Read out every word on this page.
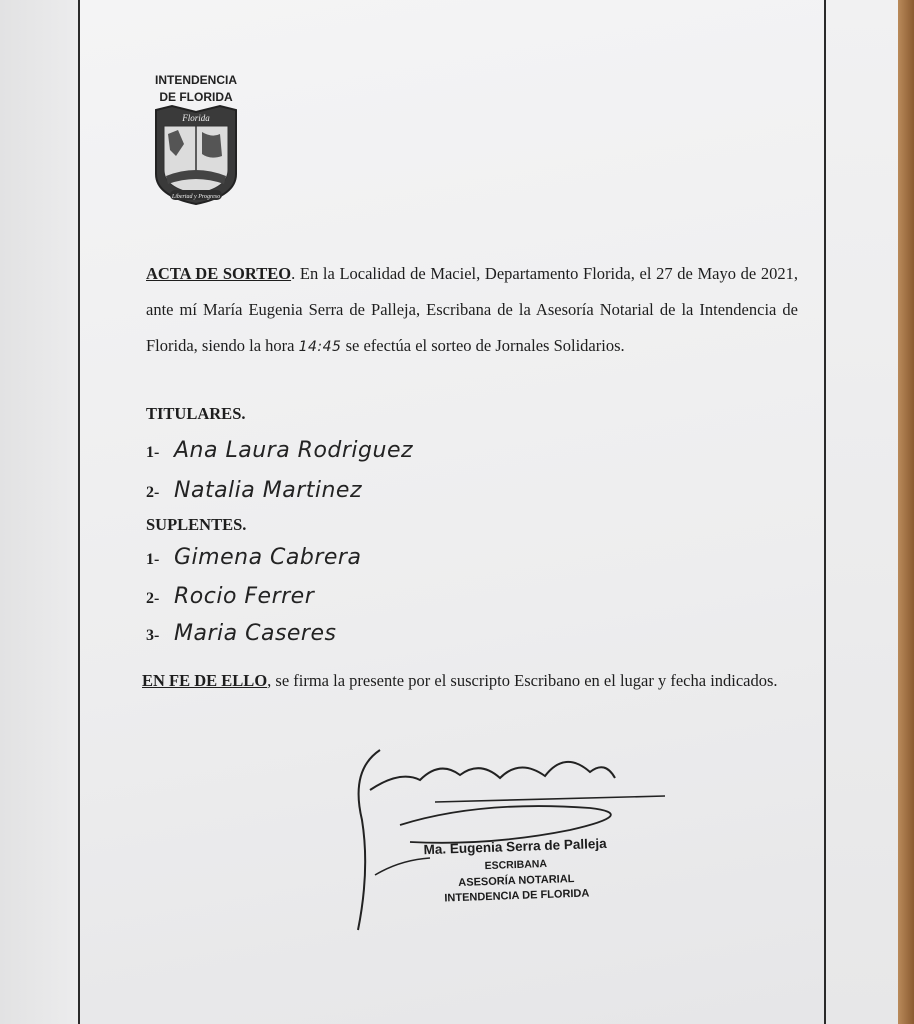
INTENDENCIA
DE FLORIDA
Florida
Libertad y Progreso
ACTA DE SORTEO. En la Localidad de Maciel, Departamento Florida, el 27 de Mayo de 2021, ante mí María Eugenia Serra de Palleja, Escribana de la Asesoría Notarial de la Intendencia de Florida, siendo la hora 14:45 se efectúa el sorteo de Jornales Solidarios.
TITULARES.
1- Ana Laura Rodriguez
2- Natalia Martinez
SUPLENTES.
1- Gimena Cabrera
2- Rocio Ferrer
3- Maria Caseres
EN FE DE ELLO, se firma la presente por el suscripto Escribano en el lugar y fecha indicados.
Ma Serra de Palleja
Ma. Eugenia Serra de Palleja
ESCRIBANA
ASESORÍA NOTARIAL
INTENDENCIA DE FLORIDA
